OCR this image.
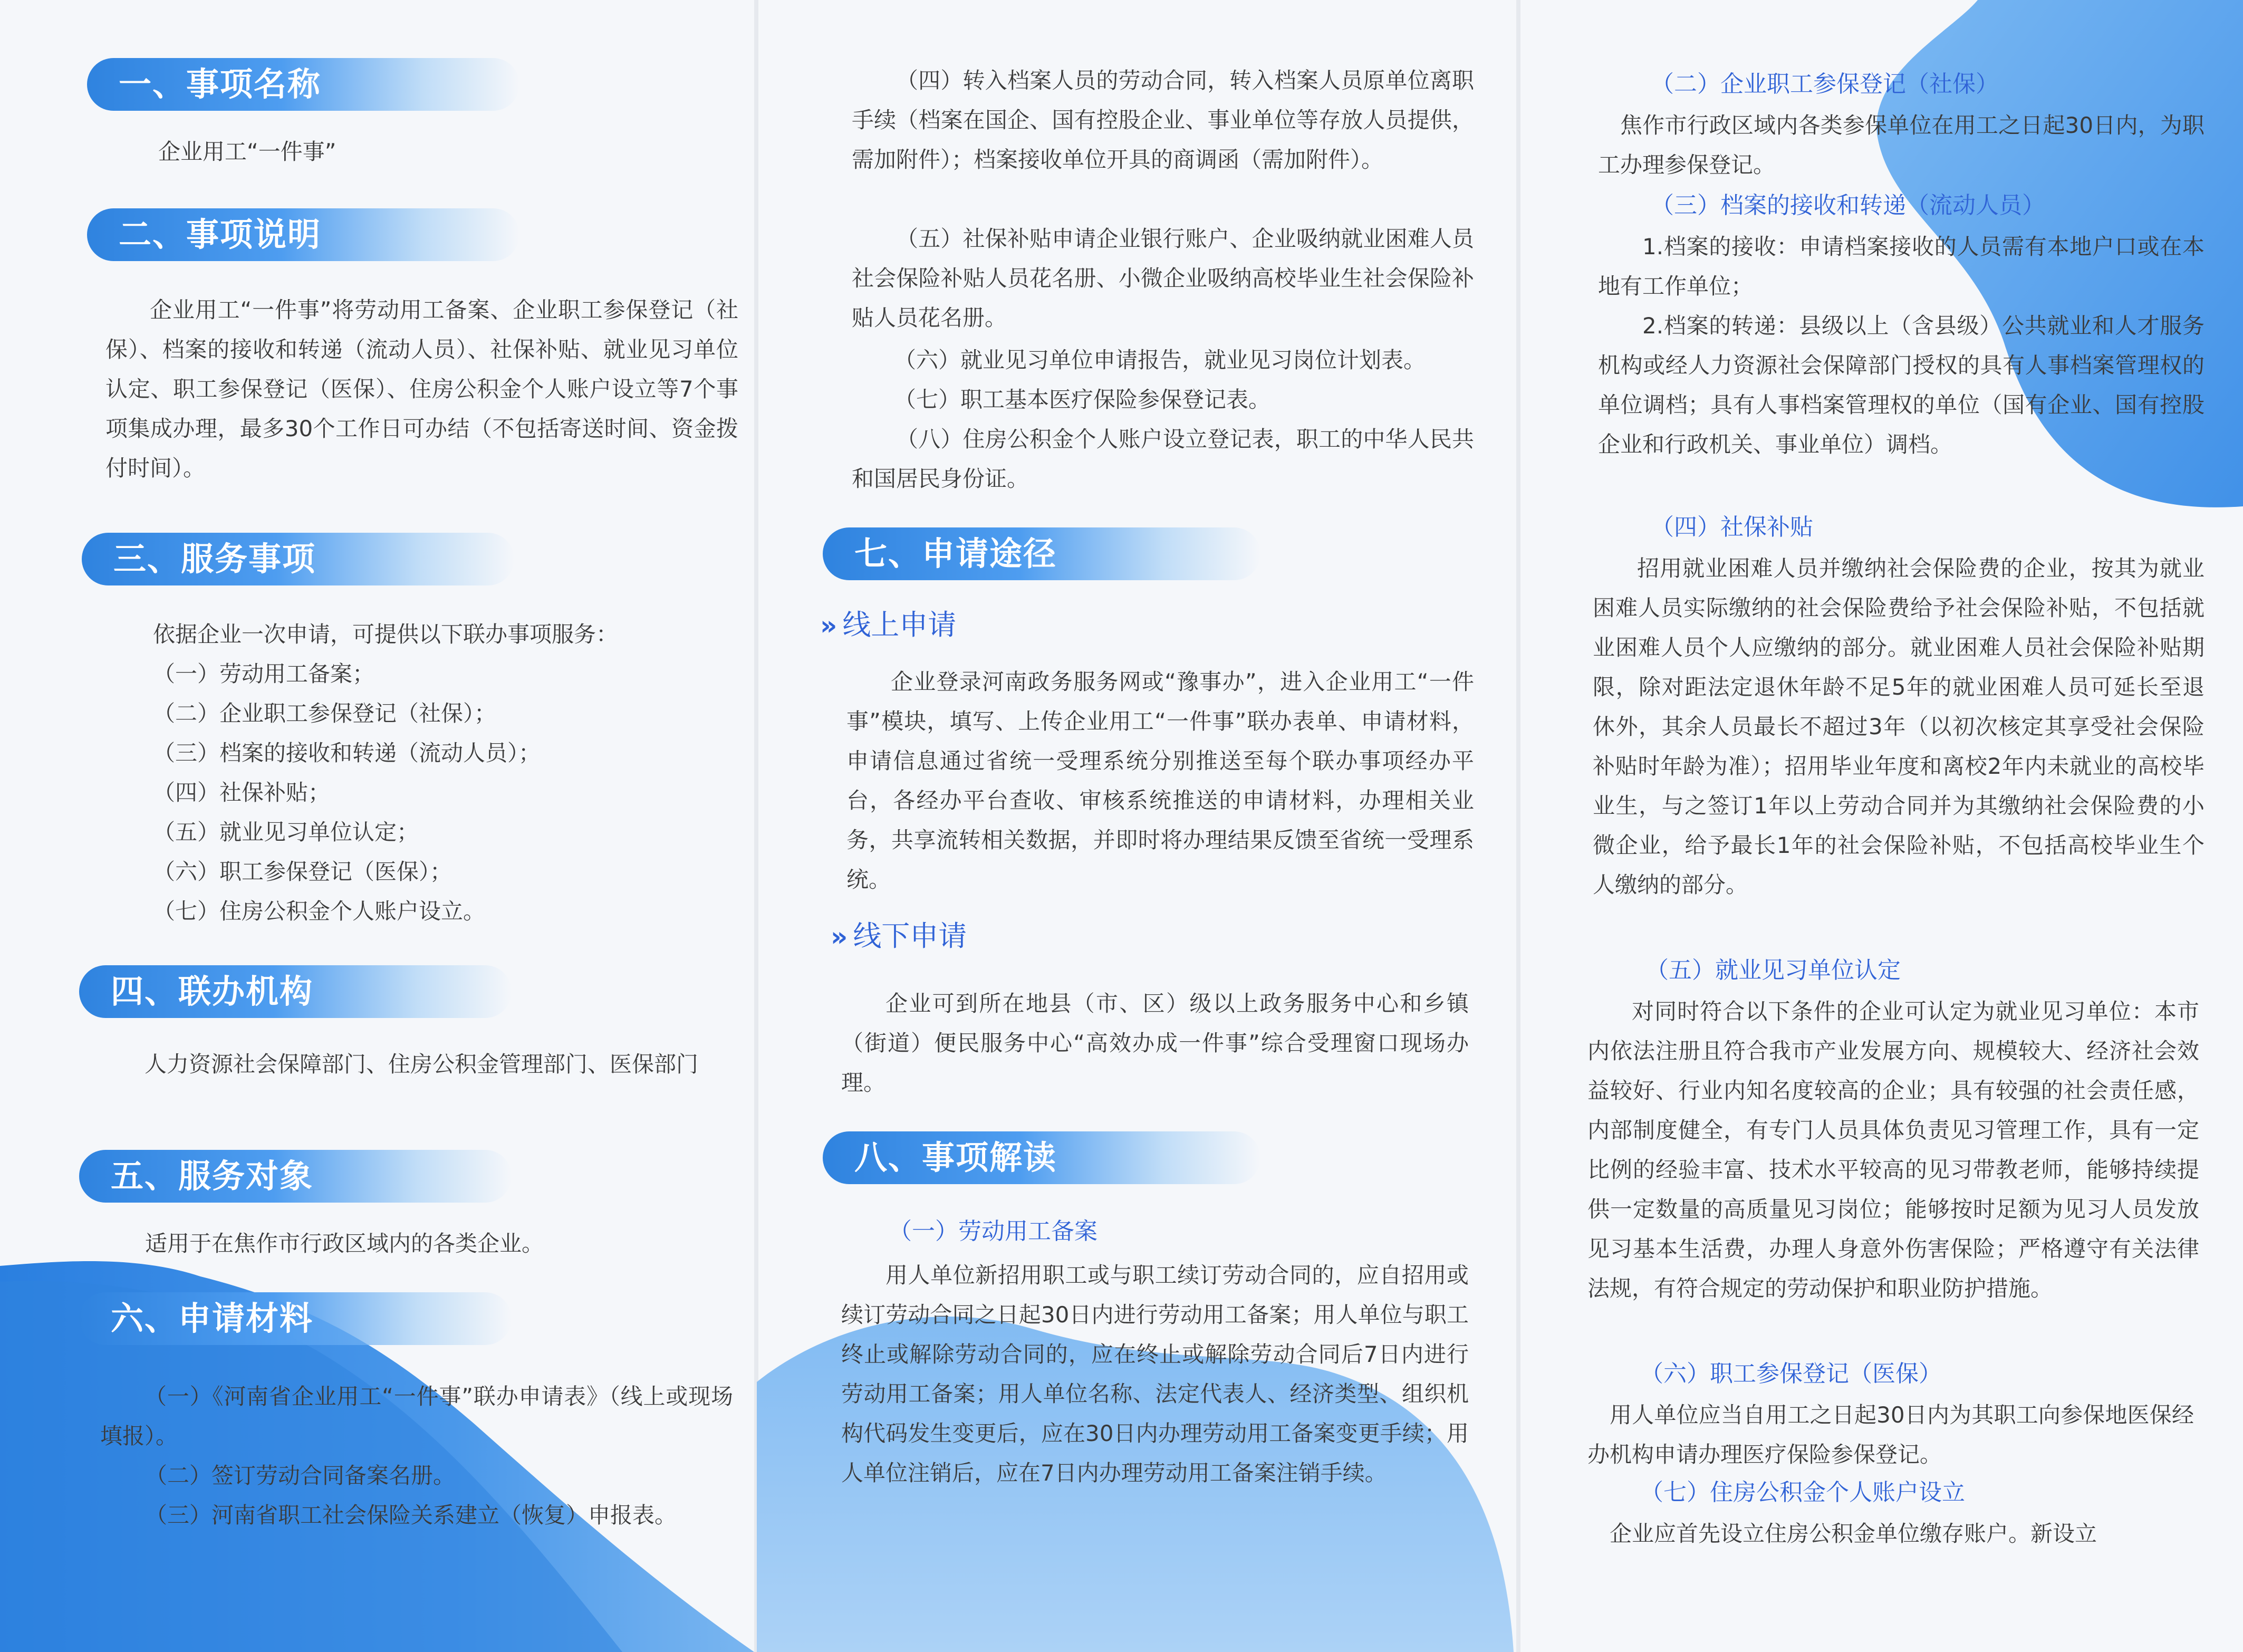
一、事项名称
企业用工“一件事”
二、事项说明
企业用工“一件事”将劳动用工备案、企业职工参保登记（社保）、档案的接收和转递（流动人员）、社保补贴、就业见习单位认定、职工参保登记（医保）、住房公积金个人账户设立等7个事项集成办理，最多30个工作日可办结（不包括寄送时间、资金拨付时间）。
三、服务事项
依据企业一次申请，可提供以下联办事项服务：
（一）劳动用工备案；
（二）企业职工参保登记（社保）；
（三）档案的接收和转递（流动人员）；
（四）社保补贴；
（五）就业见习单位认定；
（六）职工参保登记（医保）；
（七）住房公积金个人账户设立。
四、联办机构
人力资源社会保障部门、住房公积金管理部门、医保部门
五、服务对象
适用于在焦作市行政区域内的各类企业。
六、申请材料
（一）《河南省企业用工“一件事”联办申请表》（线上或现场填报）。
（二）签订劳动合同备案名册。
（三）河南省职工社会保险关系建立（恢复）申报表。
（四）转入档案人员的劳动合同，转入档案人员原单位离职手续（档案在国企、国有控股企业、事业单位等存放人员提供，需加附件）；档案接收单位开具的商调函（需加附件）。
（五）社保补贴申请企业银行账户、企业吸纳就业困难人员社会保险补贴人员花名册、小微企业吸纳高校毕业生社会保险补贴人员花名册。
（六）就业见习单位申请报告，就业见习岗位计划表。
（七）职工基本医疗保险参保登记表。
（八）住房公积金个人账户设立登记表，职工的中华人民共和国居民身份证。
七、申请途径
» 线上申请
企业登录河南政务服务网或“豫事办”，进入企业用工“一件事”模块，填写、上传企业用工“一件事”联办表单、申请材料，申请信息通过省统一受理系统分别推送至每个联办事项经办平台，各经办平台查收、审核系统推送的申请材料，办理相关业务，共享流转相关数据，并即时将办理结果反馈至省统一受理系统。
» 线下申请
企业可到所在地县（市、区）级以上政务服务中心和乡镇（街道）便民服务中心“高效办成一件事”综合受理窗口现场办理。
八、事项解读
（一）劳动用工备案
用人单位新招用职工或与职工续订劳动合同的，应自招用或续订劳动合同之日起30日内进行劳动用工备案；用人单位与职工终止或解除劳动合同的，应在终止或解除劳动合同后7日内进行劳动用工备案；用人单位名称、法定代表人、经济类型、组织机构代码发生变更后，应在30日内办理劳动用工备案变更手续；用人单位注销后，应在7日内办理劳动用工备案注销手续。
（二）企业职工参保登记（社保）
焦作市行政区域内各类参保单位在用工之日起30日内，为职工办理参保登记。
（三）档案的接收和转递（流动人员）
1.档案的接收：申请档案接收的人员需有本地户口或在本地有工作单位；
2.档案的转递：县级以上（含县级）公共就业和人才服务机构或经人力资源社会保障部门授权的具有人事档案管理权的单位调档；具有人事档案管理权的单位（国有企业、国有控股企业和行政机关、事业单位）调档。
（四）社保补贴
招用就业困难人员并缴纳社会保险费的企业，按其为就业困难人员实际缴纳的社会保险费给予社会保险补贴，不包括就业困难人员个人应缴纳的部分。就业困难人员社会保险补贴期限，除对距法定退休年龄不足5年的就业困难人员可延长至退休外，其余人员最长不超过3年（以初次核定其享受社会保险补贴时年龄为准）；招用毕业年度和离校2年内未就业的高校毕业生，与之签订1年以上劳动合同并为其缴纳社会保险费的小微企业，给予最长1年的社会保险补贴，不包括高校毕业生个人缴纳的部分。
（五）就业见习单位认定
对同时符合以下条件的企业可认定为就业见习单位：本市内依法注册且符合我市产业发展方向、规模较大、经济社会效益较好、行业内知名度较高的企业；具有较强的社会责任感，内部制度健全，有专门人员具体负责见习管理工作，具有一定比例的经验丰富、技术水平较高的见习带教老师，能够持续提供一定数量的高质量见习岗位；能够按时足额为见习人员发放见习基本生活费，办理人身意外伤害保险；严格遵守有关法律法规，有符合规定的劳动保护和职业防护措施。
（六）职工参保登记（医保）
用人单位应当自用工之日起30日内为其职工向参保地医保经办机构申请办理医疗保险参保登记。
（七）住房公积金个人账户设立
企业应首先设立住房公积金单位缴存账户。新设立
